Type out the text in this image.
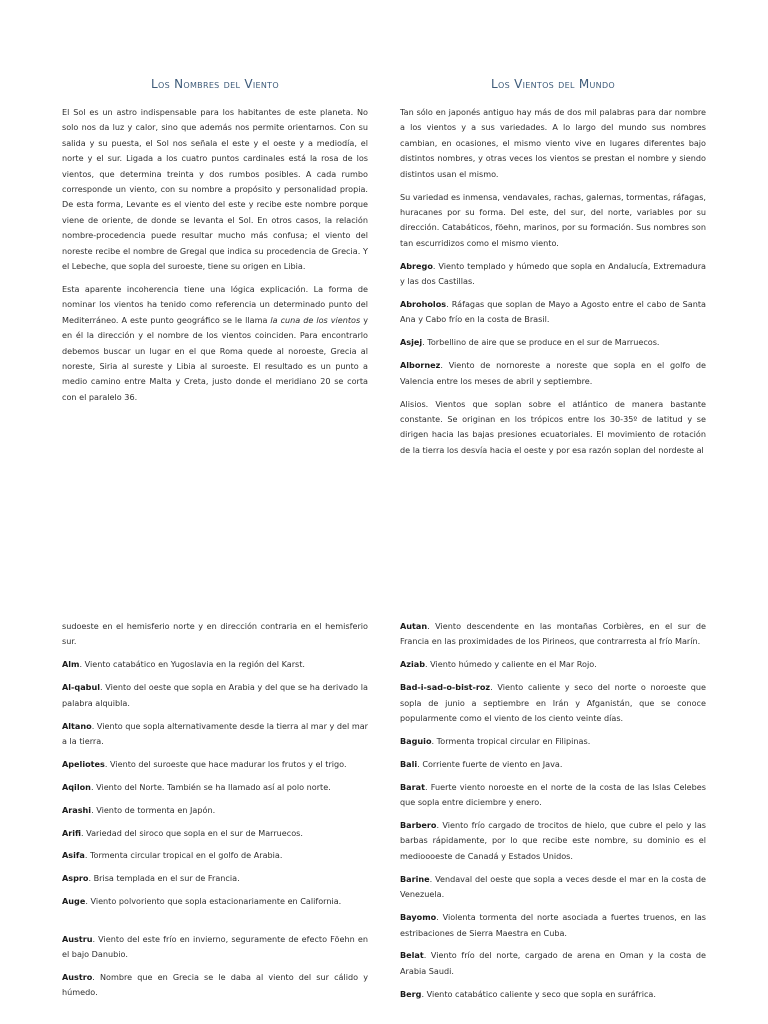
Los Nombres del Viento	Los Vientos del Mundo

El Sol es un astro indispensable para los habitantes de este planeta. No solo nos da luz y calor, sino que además nos permite orientarnos. Con su salida y su puesta, el Sol nos señala el este y el oeste y a mediodía, el norte y el sur. Ligada a los cuatro puntos cardinales está la rosa de los vientos, que determina treinta y dos rumbos posibles. A cada rumbo corresponde un viento, con su nombre a propósito y personalidad propia. De esta forma, Levante es el viento del este y recibe este nombre porque viene de oriente, de donde se levanta el Sol. En otros casos, la relación nombre-procedencia puede resultar mucho más confusa; el viento del noreste recibe el nombre de Gregal que indica su procedencia de Grecia. Y el Lebeche, que sopla del suroeste, tiene su origen en Libia.

Esta aparente incoherencia tiene una lógica explicación. La forma de nominar los vientos ha tenido como referencia un determinado punto del Mediterráneo. A este punto geográfico se le llama la cuna de los vientos y en él la dirección y el nombre de los vientos coinciden. Para encontrarlo debemos buscar un lugar en el que Roma quede al noroeste, Grecia al noreste, Siria al sureste y Libia al suroeste. El resultado es un punto a medio camino entre Malta y Creta, justo donde el meridiano 20 se corta con el paralelo 36.

Tan sólo en japonés antiguo hay más de dos mil palabras para dar nombre a los vientos y a sus variedades. A lo largo del mundo sus nombres cambian, en ocasiones, el mismo viento vive en lugares diferentes bajo distintos nombres, y otras veces los vientos se prestan el nombre y siendo distintos usan el mismo.

Su variedad es inmensa, vendavales, rachas, galernas, tormentas, ráfagas, huracanes por su forma. Del este, del sur, del norte, variables por su dirección. Catabáticos, föehn, marinos, por su formación. Sus nombres son tan escurridizos como el mismo viento.

Abrego. Viento templado y húmedo que sopla en Andalucía, Extremadura y las dos Castillas.

Abroholos. Ráfagas que soplan de Mayo a Agosto entre el cabo de Santa Ana y Cabo frío en la costa de Brasil.

Asjej. Torbellino de aire que se produce en el sur de Marruecos.

Albornez. Viento de nornoreste a noreste que sopla en el golfo de Valencia entre los meses de abril y septiembre.

Alisios. Vientos que soplan sobre el atlántico de manera bastante constante. Se originan en los trópicos entre los 30-35º de latitud y se dirigen hacia las bajas presiones ecuatoriales. El movimiento de rotación de la tierra los desvía hacia el oeste y por esa razón soplan del nordeste al

sudoeste en el hemisferio norte y en dirección contraria en el hemisferio sur.

Alm. Viento catabático en Yugoslavia en la región del Karst.

Al-qabul. Viento del oeste que sopla en Arabia y del que se ha derivado la palabra alquibla.

Altano. Viento que sopla alternativamente desde la tierra al mar y del mar a la tierra.

Apeliotes. Viento del suroeste que hace madurar los frutos y el trigo.

Aqilon. Viento del Norte. También se ha llamado así al polo norte.

Arashi. Viento de tormenta en Japón.

Arifi. Variedad del siroco que sopla en el sur de Marruecos.

Asifa. Tormenta circular tropical en el golfo de Arabia.

Aspro. Brisa templada en el sur de Francia.

Auge. Viento polvoriento que sopla estacionariamente en California.

Austru. Viento del este frío en invierno, seguramente de efecto Föehn en el bajo Danubio.

Austro. Nombre que en Grecia se le daba al viento del sur cálido y húmedo.

Autan. Viento descendente en las montañas Corbières, en el sur de Francia en las proximidades de los Pirineos, que contrarresta al frío Marín.

Aziab. Viento húmedo y caliente en el Mar Rojo.

Bad-i-sad-o-bist-roz. Viento caliente y seco del norte o noroeste que sopla de junio a septiembre en Irán y Afganistán, que se conoce popularmente como el viento de los ciento veinte días.

Baguio. Tormenta tropical circular en Filipinas.

Bali. Corriente fuerte de viento en Java.

Barat. Fuerte viento noroeste en el norte de la costa de las Islas Celebes que sopla entre diciembre y enero.

Barbero. Viento frío cargado de trocitos de hielo, que cubre el pelo y las barbas rápidamente, por lo que recibe este nombre, su dominio es el medioooeste de Canadá y Estados Unidos.

Barine. Vendaval del oeste que sopla a veces desde el mar en la costa de Venezuela.

Bayomo. Violenta tormenta del norte asociada a fuertes truenos, en las estribaciones de Sierra Maestra en Cuba.

Belat. Viento frío del norte, cargado de arena en Oman y la costa de Arabia Saudi.

Berg. Viento catabático caliente y seco que sopla en suráfrica.
